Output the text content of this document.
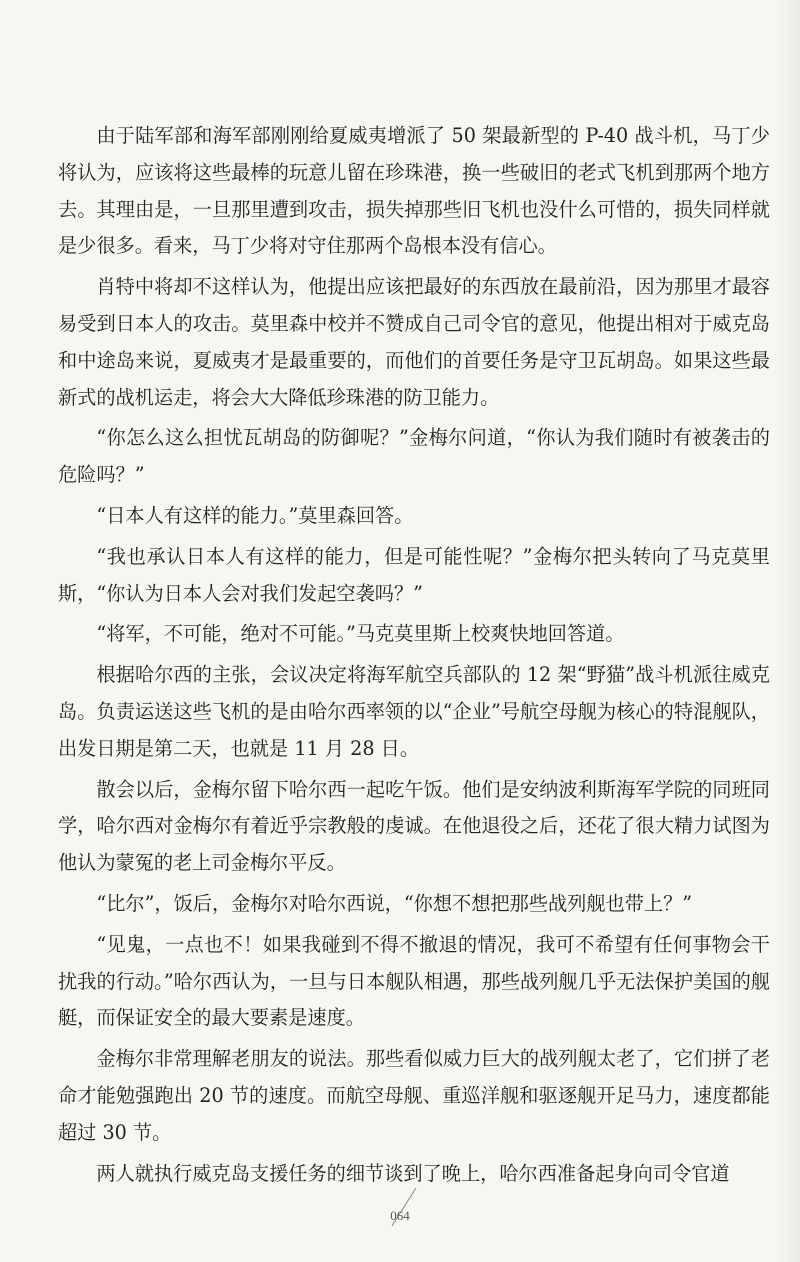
由于陆军部和海军部刚刚给夏威夷增派了 50 架最新型的 P-40 战斗机，马丁少将认为，应该将这些最棒的玩意儿留在珍珠港，换一些破旧的老式飞机到那两个地方去。其理由是，一旦那里遭到攻击，损失掉那些旧飞机也没什么可惜的，损失同样就是少很多。看来，马丁少将对守住那两个岛根本没有信心。

肖特中将却不这样认为，他提出应该把最好的东西放在最前沿，因为那里才最容易受到日本人的攻击。莫里森中校并不赞成自己司令官的意见，他提出相对于威克岛和中途岛来说，夏威夷才是最重要的，而他们的首要任务是守卫瓦胡岛。如果这些最新式的战机运走，将会大大降低珍珠港的防卫能力。

“你怎么这么担忧瓦胡岛的防御呢？”金梅尔问道，“你认为我们随时有被袭击的危险吗？”

“日本人有这样的能力。”莫里森回答。

“我也承认日本人有这样的能力，但是可能性呢？”金梅尔把头转向了马克莫里斯，“你认为日本人会对我们发起空袭吗？”

“将军，不可能，绝对不可能。”马克莫里斯上校爽快地回答道。

根据哈尔西的主张，会议决定将海军航空兵部队的 12 架“野猫”战斗机派往威克岛。负责运送这些飞机的是由哈尔西率领的以“企业”号航空母舰为核心的特混舰队，出发日期是第二天，也就是 11 月 28 日。

散会以后，金梅尔留下哈尔西一起吃午饭。他们是安纳波利斯海军学院的同班同学，哈尔西对金梅尔有着近乎宗教般的虔诚。在他退役之后，还花了很大精力试图为他认为蒙冤的老上司金梅尔平反。

“比尔”，饭后，金梅尔对哈尔西说，“你想不想把那些战列舰也带上？”

“见鬼，一点也不！如果我碰到不得不撤退的情况，我可不希望有任何事物会干扰我的行动。”哈尔西认为，一旦与日本舰队相遇，那些战列舰几乎无法保护美国的舰艇，而保证安全的最大要素是速度。

金梅尔非常理解老朋友的说法。那些看似威力巨大的战列舰太老了，它们拼了老命才能勉强跑出 20 节的速度。而航空母舰、重巡洋舰和驱逐舰开足马力，速度都能超过 30 节。

两人就执行威克岛支援任务的细节谈到了晚上，哈尔西准备起身向司令官道

064
